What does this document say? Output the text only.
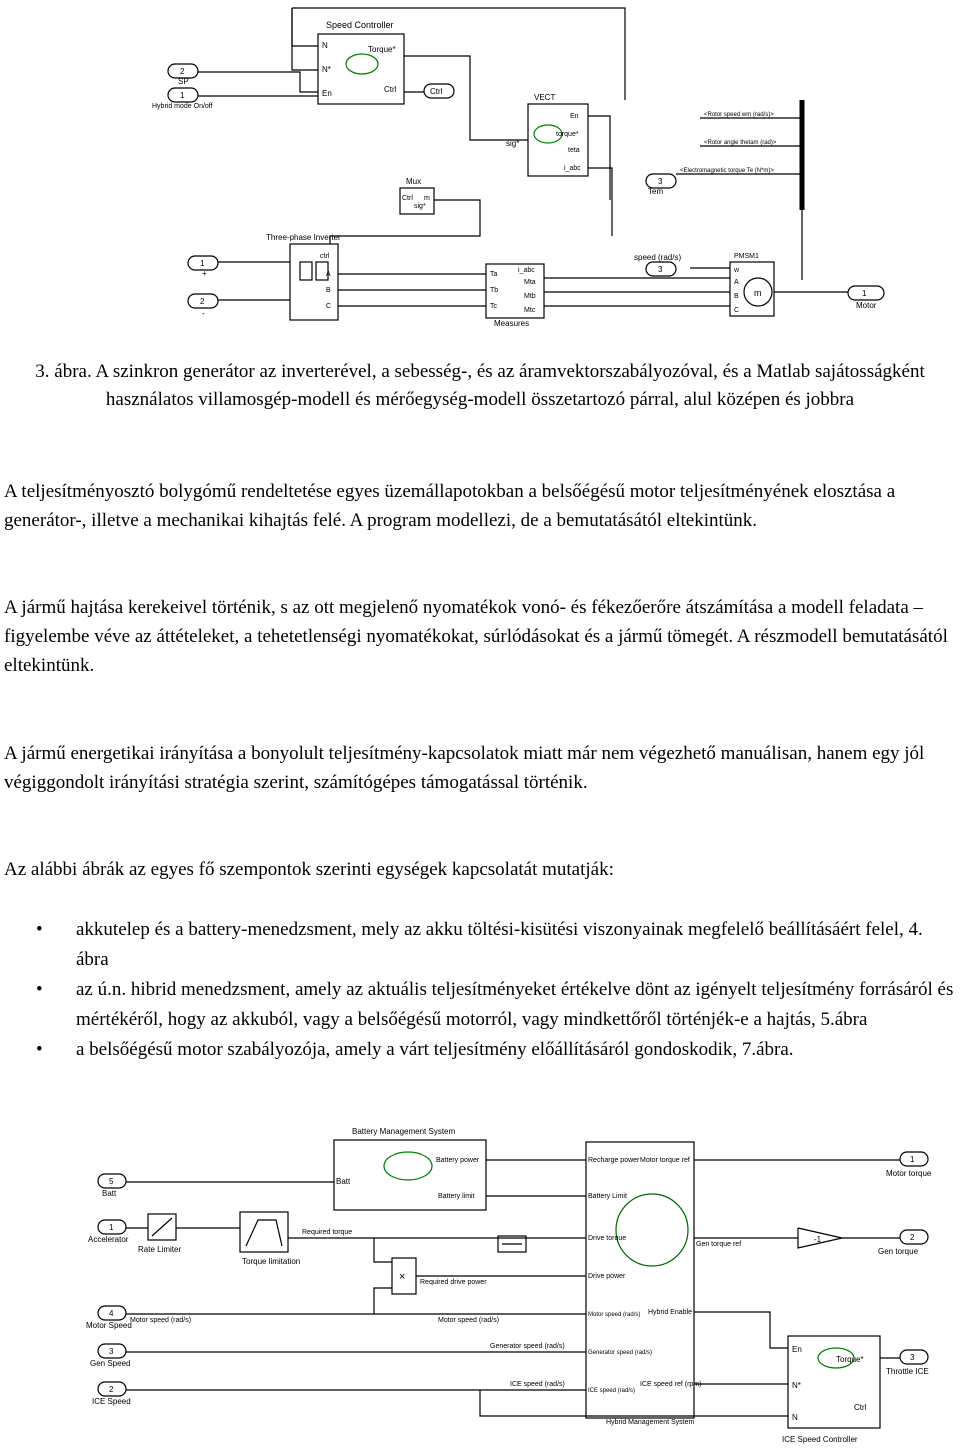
Speed Controller
N
N*
En
Torque*
Ctrl
2
SP
1
Hybrid mode On/off
Ctrl
VECT
sig*
En
torque*
teta
i_abc
<Rotor speed wm (rad/s)>
<Rotor angle thetam (rad)>
<Electromagnetic torque Te (N*m)>
3
Tem
Mux
Ctrl
sig*
m
Three-phase Inverter
ctrl
A
B
C
1
+
2
-
Measures
Ta
Tb
Tc
i_abc
Mta
Mtb
Mtc
speed (rad/s)
3
PMSM1
w
A
B
C
m	1
Motor
3. ábra. A szinkron generátor az inverterével, a sebesség-, és az áramvektorszabályozóval, és a Matlab sajátosságként használatos villamosgép-modell és mérőegység-modell összetartozó párral, alul középen és jobbra
A teljesítményosztó bolygómű rendeltetése egyes üzemállapotokban a belsőégésű motor teljesítményének elosztása a generátor-, illetve a mechanikai kihajtás felé. A program modellezi, de a bemutatásától eltekintünk.
A jármű hajtása kerekeivel történik, s az ott megjelenő nyomatékok vonó- és fékezőerőre átszámítása a modell feladata – figyelembe véve az áttételeket, a tehetetlenségi nyomatékokat, súrlódásokat és a jármű tömegét. A részmodell bemutatásától eltekintünk.
A jármű energetikai irányítása a bonyolult teljesítmény-kapcsolatok miatt már nem végezhető manuálisan, hanem egy jól végiggondolt irányítási stratégia szerint, számítógépes támogatással történik.
Az alábbi ábrák az egyes fő szempontok szerinti egységek kapcsolatát mutatják:
• akkutelep és a battery-menedzsment, mely az akku töltési-kisütési viszonyainak megfelelő beállításáért felel, 4. ábra
• az ú.n. hibrid menedzsment, amely az aktuális teljesítményeket értékelve dönt az igényelt teljesítmény forrásáról és mértékéről, hogy az akkuból, vagy a belsőégésű motorról, vagy mindkettőről történjék-e a hajtás, 5.ábra
• a belsőégésű motor szabályozója, amely a várt teljesítmény előállításáról gondoskodik, 7.ábra.
Battery Management System
Batt
Battery power
Battery limit
5
Batt
1
Accelerator
4
Motor Speed
3
Gen Speed
2
ICE Speed
Rate Limiter
Torque limitation
Required torque
× Required drive power
Motor speed (rad/s)	Motor speed (rad/s)
Generator speed (rad/s)
ICE speed (rad/s)
Hybrid Management System
Recharge power
Battery Limit
Drive torque
Drive power
Motor speed (rad/s)
Generator speed (rad/s)
ICE speed (rad/s)
Motor torque ref
Gen torque ref
Hybrid Enable
ICE speed ref (rpm)
-1
1
Motor torque
2
Gen torque
3
Throttle ICE
ICE Speed Controller
En
N*
N
Torque*
Ctrl
